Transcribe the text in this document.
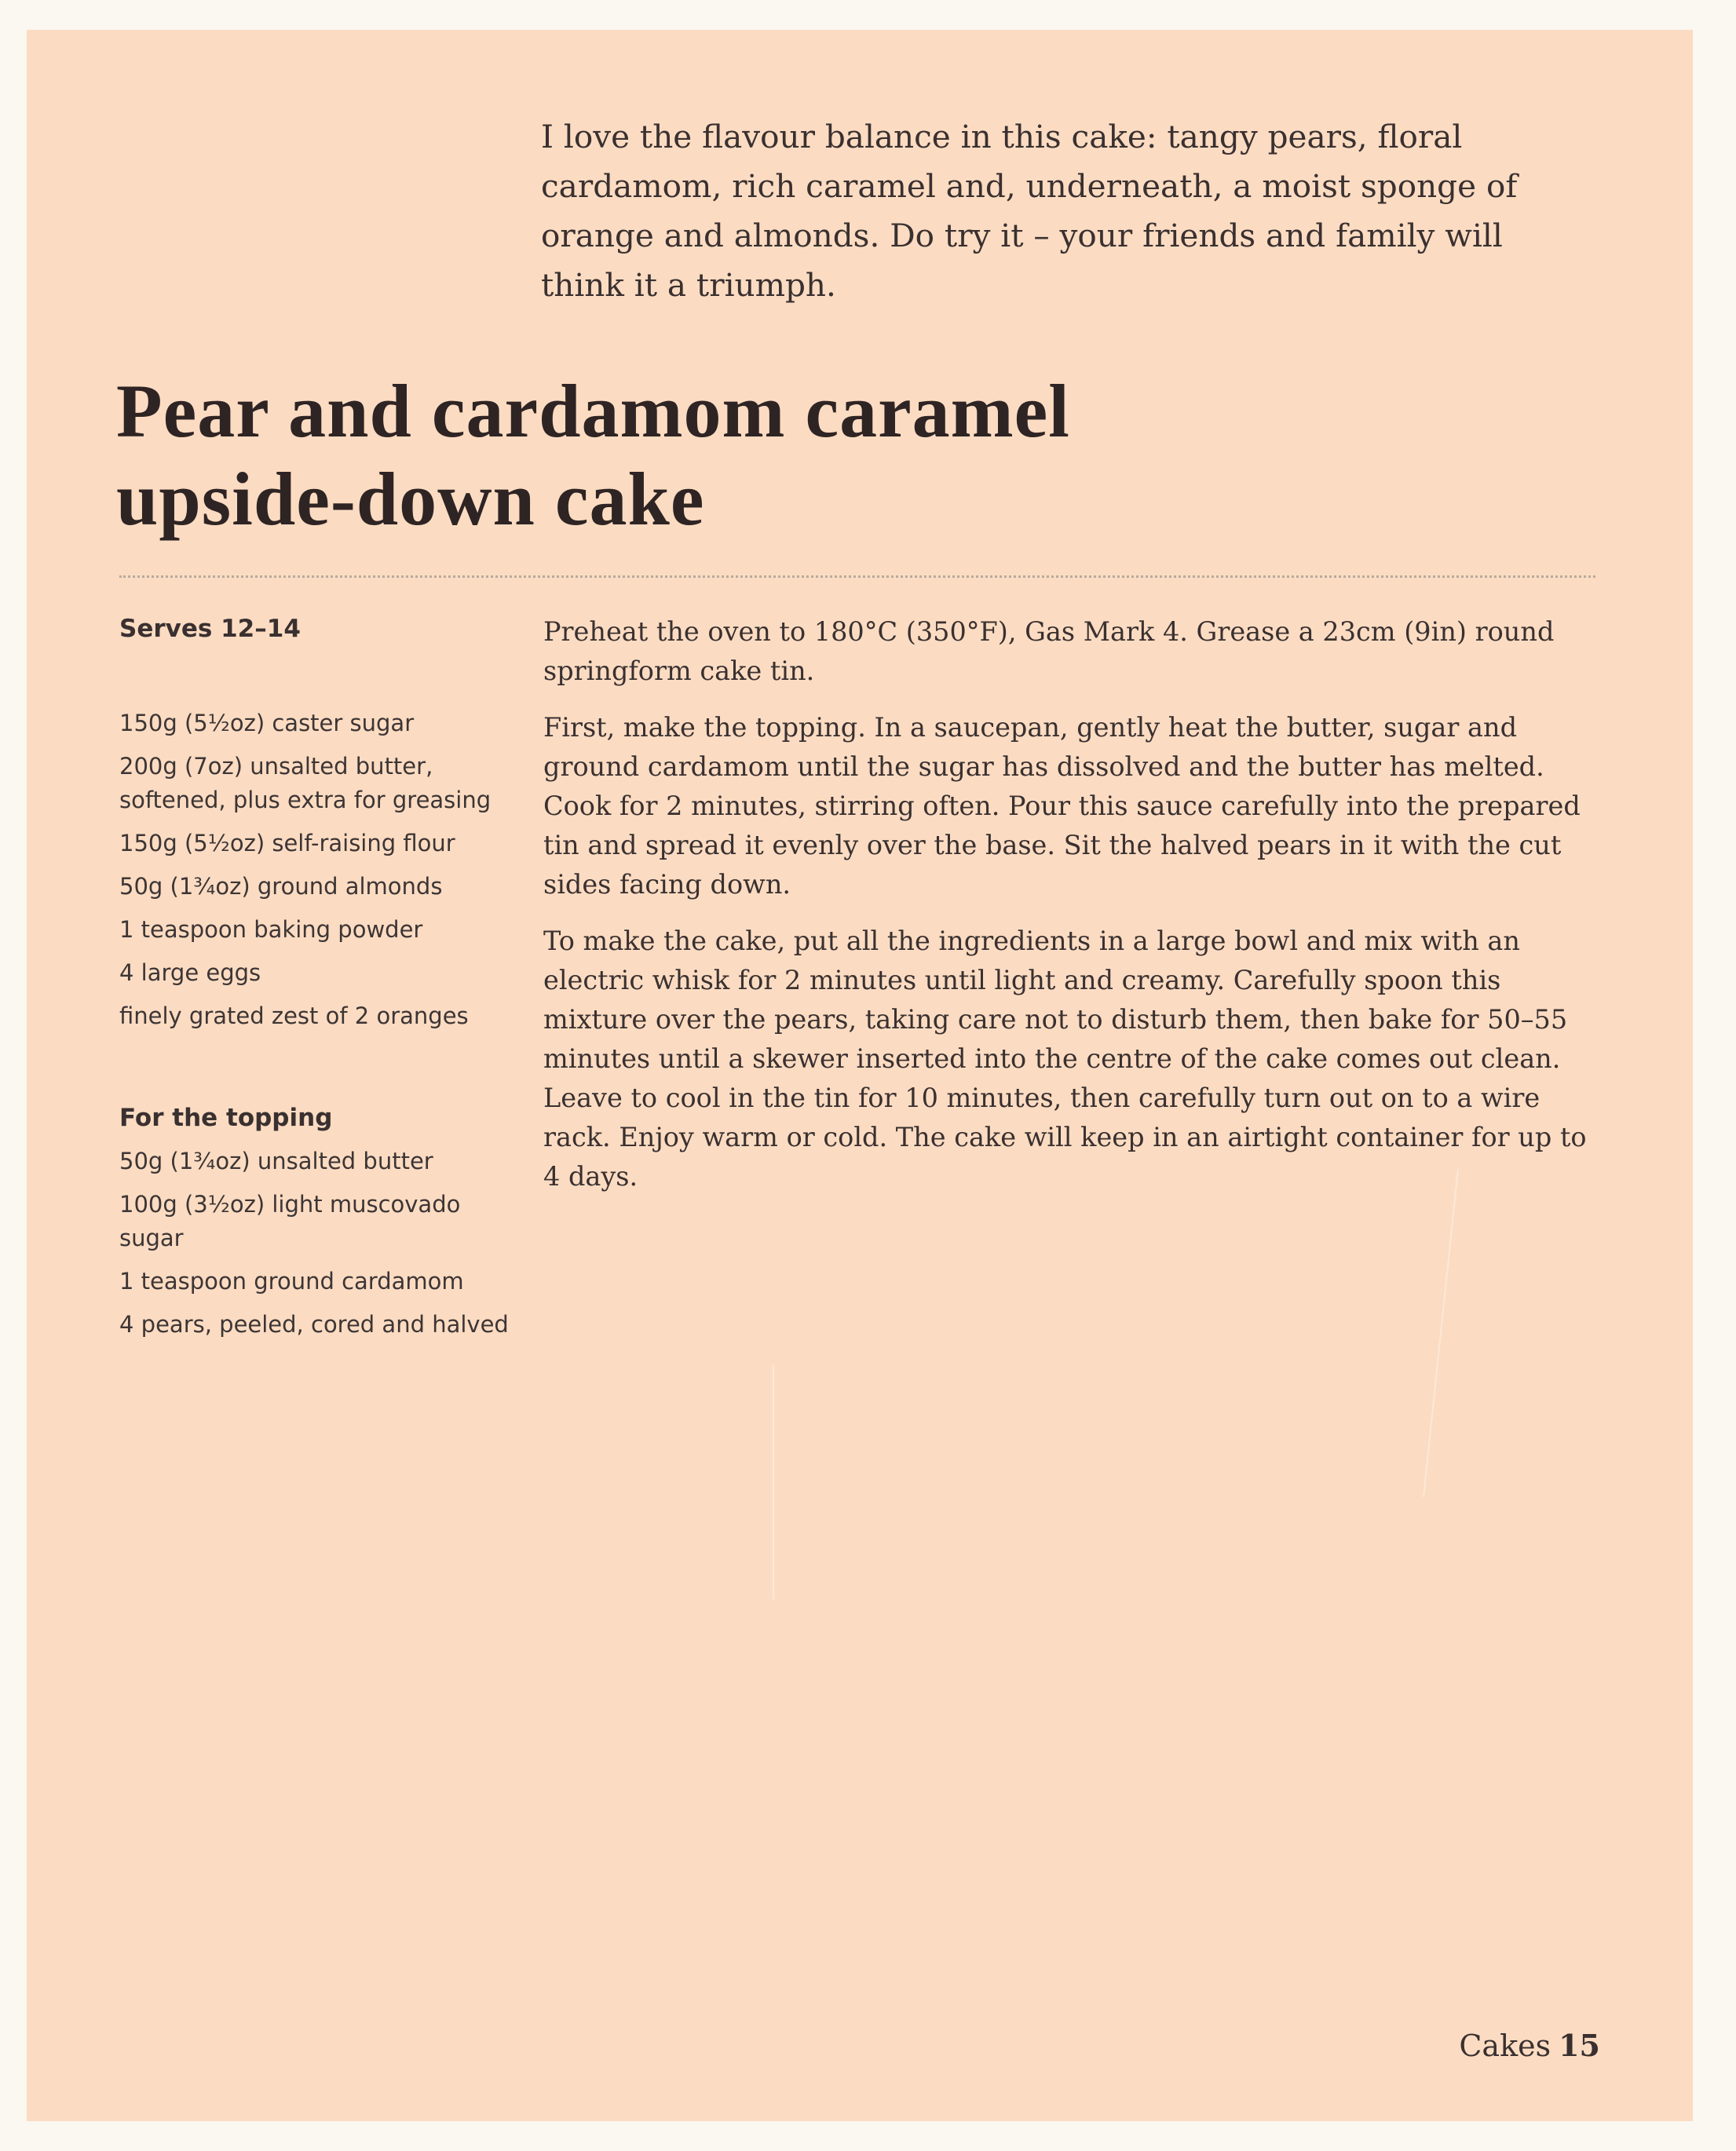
I love the flavour balance in this cake: tangy pears, floral cardamom, rich caramel and, underneath, a moist sponge of orange and almonds. Do try it – your friends and family will think it a triumph.

Pear and cardamom caramel
upside-down cake

Serves 12–14

150g (5½oz) caster sugar
200g (7oz) unsalted butter, softened, plus extra for greasing
150g (5½oz) self-raising flour
50g (1¾oz) ground almonds
1 teaspoon baking powder
4 large eggs
finely grated zest of 2 oranges

For the topping

50g (1¾oz) unsalted butter
100g (3½oz) light muscovado sugar
1 teaspoon ground cardamom
4 pears, peeled, cored and halved

Preheat the oven to 180°C (350°F), Gas Mark 4. Grease a 23cm (9in) round springform cake tin.

First, make the topping. In a saucepan, gently heat the butter, sugar and ground cardamom until the sugar has dissolved and the butter has melted. Cook for 2 minutes, stirring often. Pour this sauce carefully into the prepared tin and spread it evenly over the base. Sit the halved pears in it with the cut sides facing down.

To make the cake, put all the ingredients in a large bowl and mix with an electric whisk for 2 minutes until light and creamy. Carefully spoon this mixture over the pears, taking care not to disturb them, then bake for 50–55 minutes until a skewer inserted into the centre of the cake comes out clean. Leave to cool in the tin for 10 minutes, then carefully turn out on to a wire rack. Enjoy warm or cold. The cake will keep in an airtight container for up to 4 days.

Cakes 15
